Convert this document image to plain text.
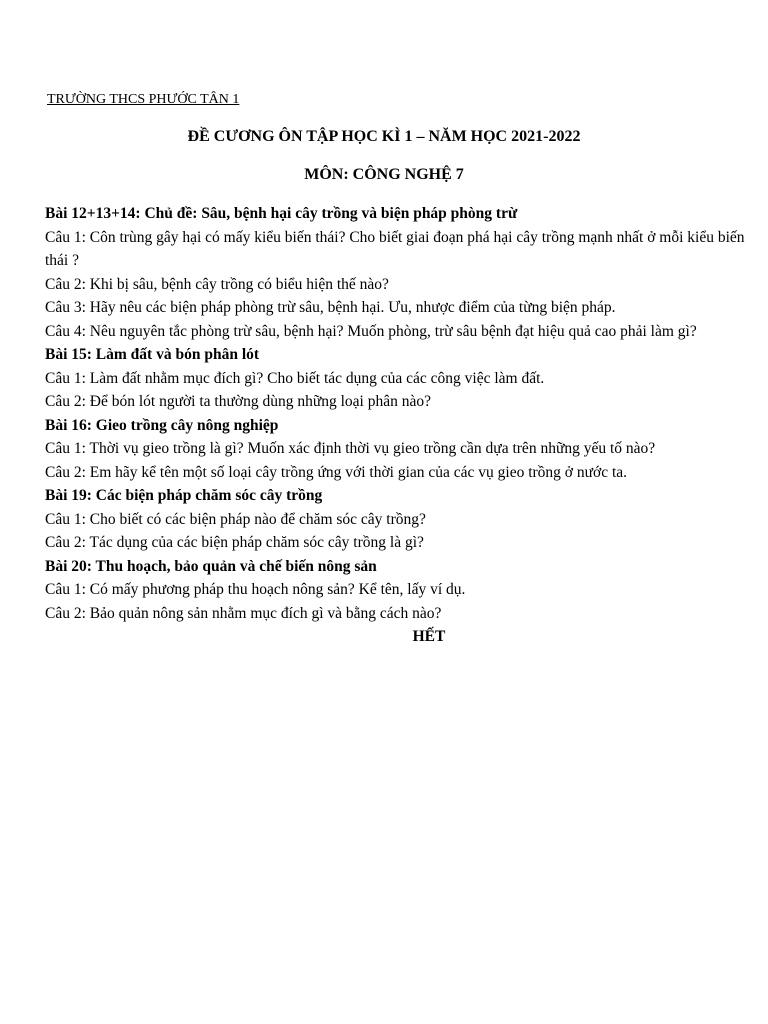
TRƯỜNG THCS PHƯỚC TÂN 1
ĐỀ CƯƠNG ÔN TẬP HỌC KÌ 1 – NĂM HỌC 2021-2022
MÔN: CÔNG NGHỆ 7

Bài 12+13+14: Chủ đề: Sâu, bệnh hại cây trồng và biện pháp phòng trừ

Câu 1: Côn trùng gây hại có mấy kiểu biến thái? Cho biết giai đoạn phá hại cây trồng mạnh nhất ở mỗi kiểu biến thái ?

Câu 2: Khi bị sâu, bệnh cây trồng có biểu hiện thế nào?

Câu 3: Hãy nêu các biện pháp phòng trừ sâu, bệnh hại. Ưu, nhược điểm của từng biện pháp.

Câu 4: Nêu nguyên tắc phòng trừ sâu, bệnh hại? Muốn phòng, trừ sâu bệnh đạt hiệu quả cao phải làm gì?

Bài 15: Làm đất và bón phân lót

Câu 1: Làm đất nhằm mục đích gì? Cho biết tác dụng của các công việc làm đất.

Câu 2: Để bón lót người ta thường dùng những loại phân nào?

Bài 16: Gieo trồng cây nông nghiệp

Câu 1: Thời vụ gieo trồng là gì? Muốn xác định thời vụ gieo trồng cần dựa trên những yếu tố nào?

Câu 2: Em hãy kể tên một số loại cây trồng ứng với thời gian của các vụ gieo trồng ở nước ta.

Bài 19: Các biện pháp chăm sóc cây trồng

Câu 1: Cho biết có các biện pháp nào để chăm sóc cây trồng?

Câu 2: Tác dụng của các biện pháp chăm sóc cây trồng là gì?

Bài 20: Thu hoạch, bảo quản và chế biến nông sản

Câu 1: Có mấy phương pháp thu hoạch nông sản? Kể tên, lấy ví dụ.

Câu 2: Bảo quản nông sản nhằm mục đích gì và bằng cách nào?

HẾT
